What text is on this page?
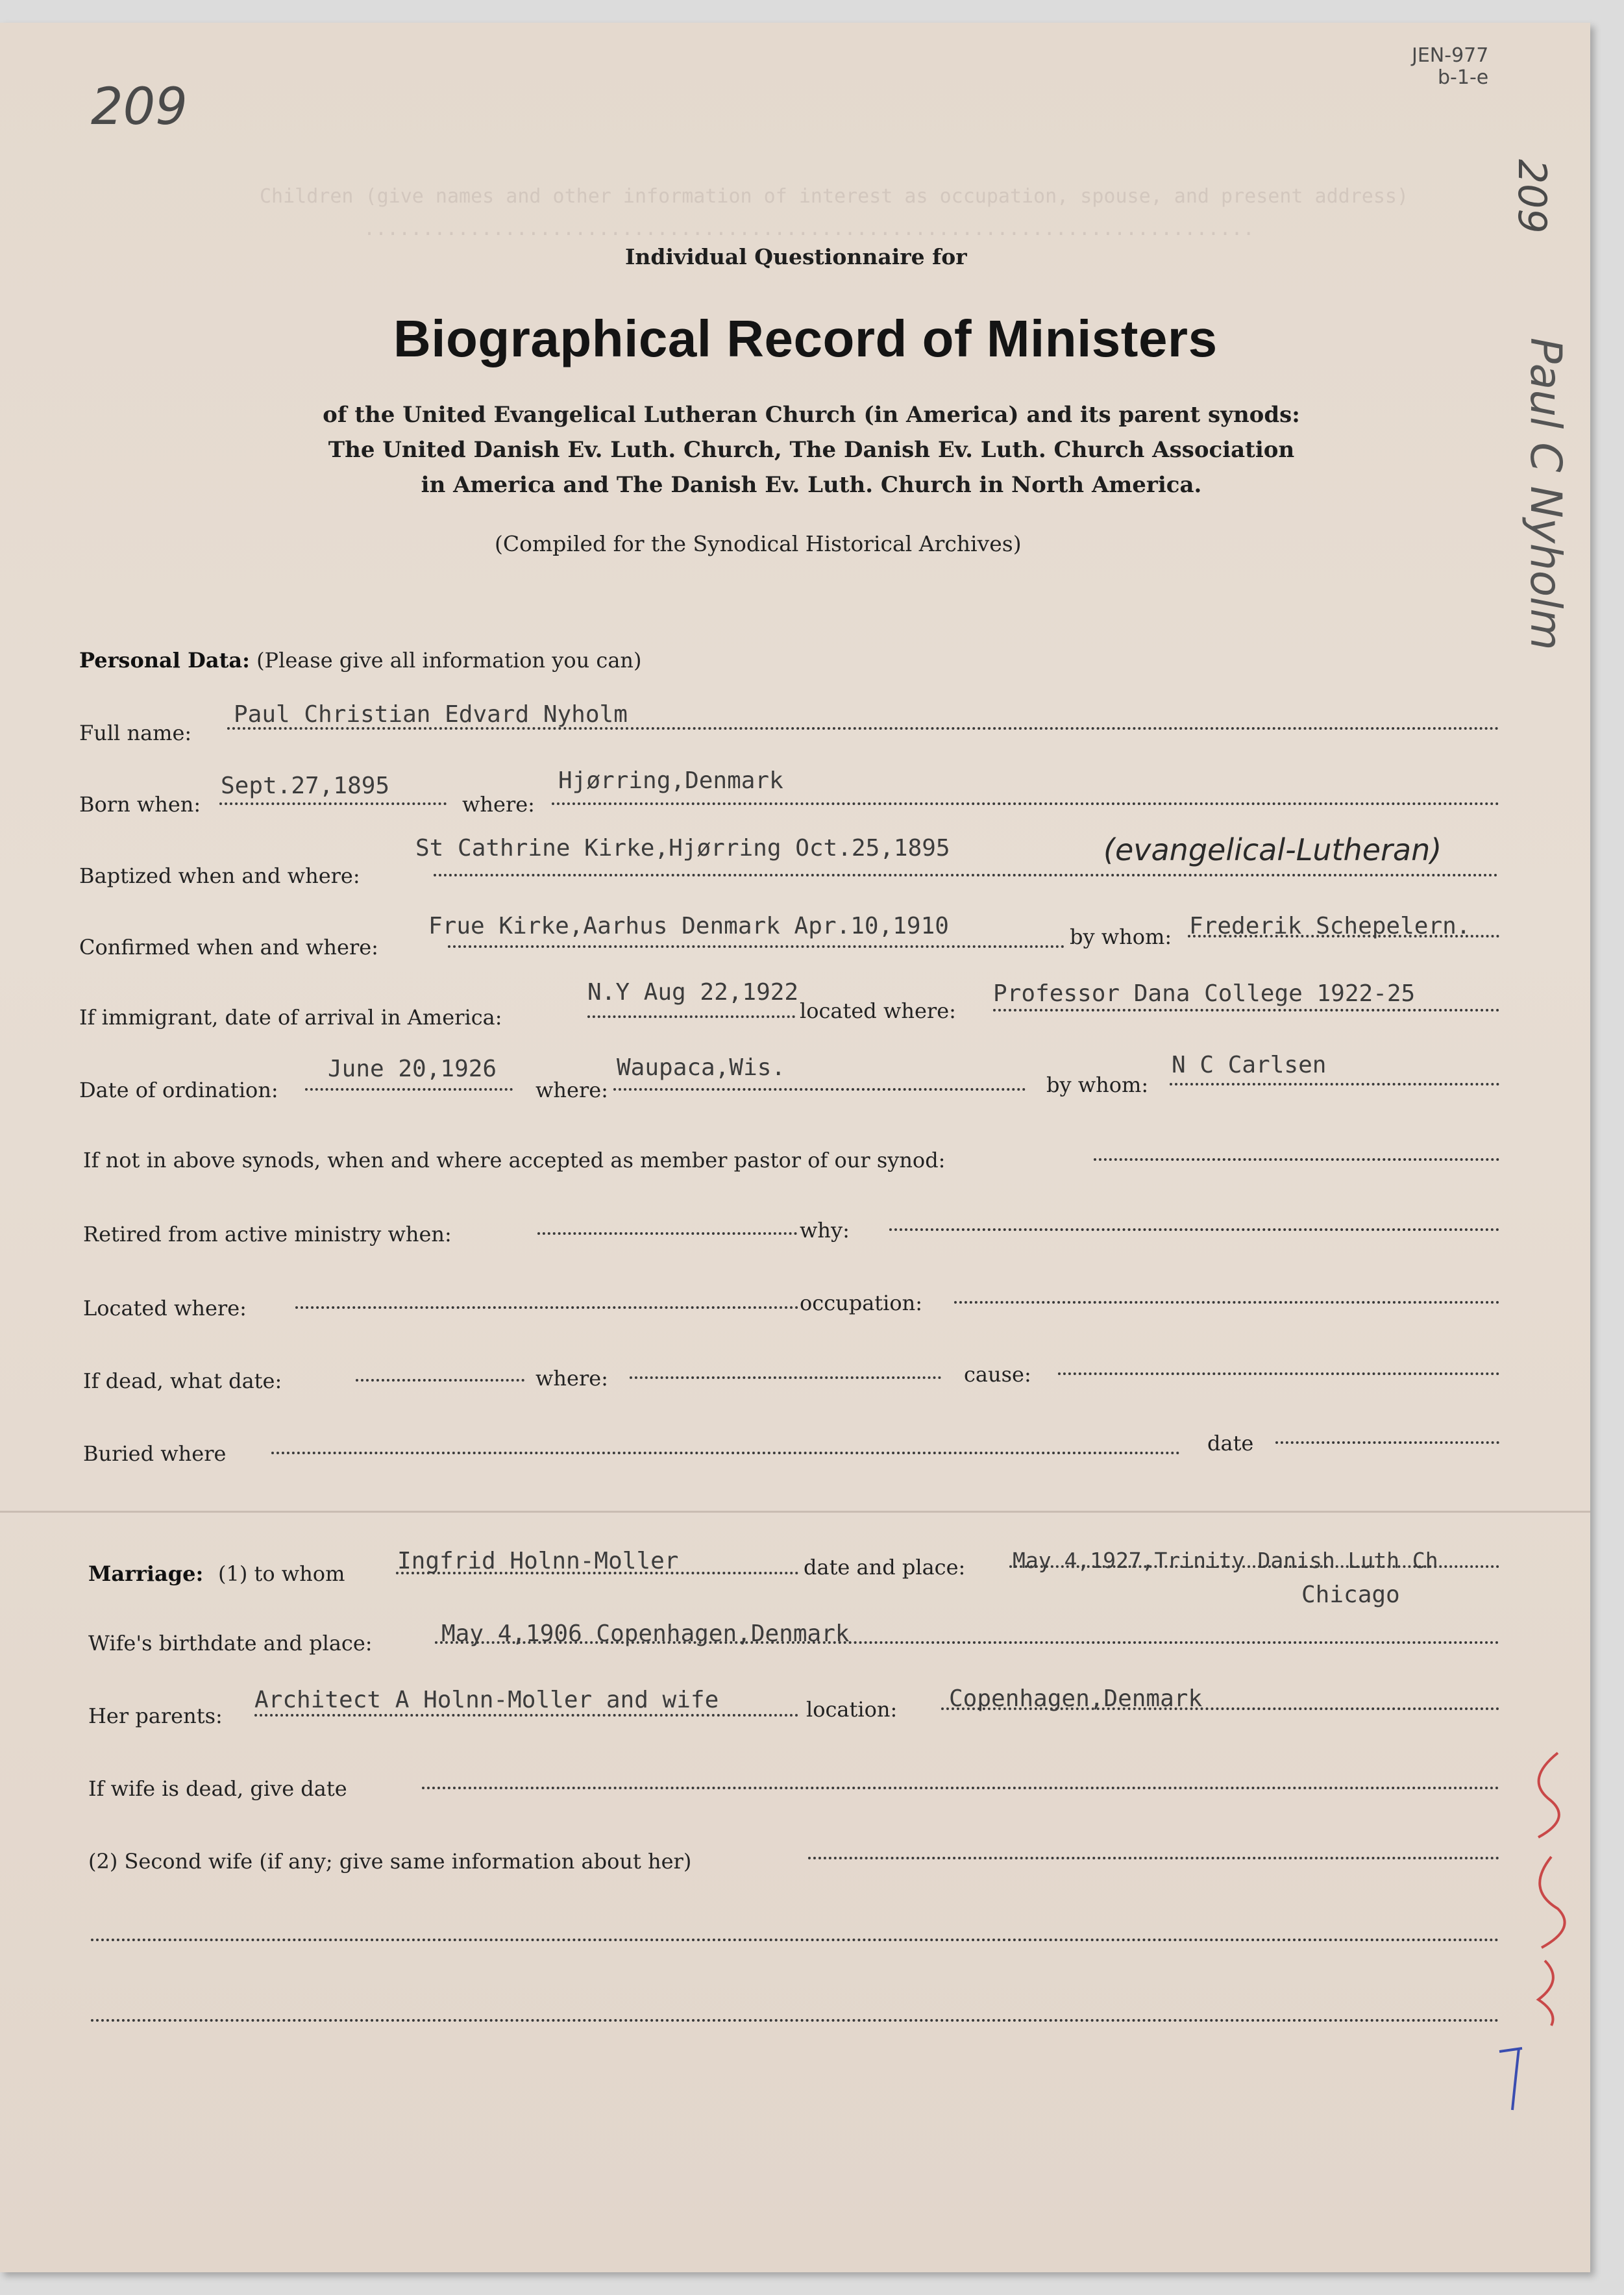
Children (give names and other information of interest as occupation, spouse, and present address)
............................................................................
209
JEN-977
b-1-e
209
Paul C Nyholm
Individual Questionnaire for
Biographical Record of Ministers
of the United Evangelical Lutheran Church (in America) and its parent synods:
The United Danish Ev. Luth. Church, The Danish Ev. Luth. Church Association
in America and The Danish Ev. Luth. Church in North America.
(Compiled for the Synodical Historical Archives)
Personal Data: (Please give all information you can)
Full name:
Paul Christian Edvard Nyholm
Born when:
Sept.27,1895
where:
Hjørring,Denmark
Baptized when and where:
St Cathrine Kirke,Hjørring Oct.25,1895	(evangelical-Lutheran)
Confirmed when and where:
Frue Kirke,Aarhus Denmark Apr.10,1910	by whom: Frederik Schepelern.
If immigrant, date of arrival in America:
N.Y Aug 22,1922
located where:
Professor Dana College 1922-25
Date of ordination:
June 20,1926
where:
Waupaca,Wis.
by whom:
N C Carlsen
If not in above synods, when and where accepted as member pastor of our synod:
Retired from active ministry when:	why:
Located where:	occupation:
If dead, what date:	where:	cause:
Buried where	date
Marriage: (1) to whom Ingfrid Holnn-Moller	date and place: May 4,1927,Trinity Danish Luth Ch
Chicago
Wife's birthdate and place:	May 4,1906 Copenhagen,Denmark
Her parents:
Architect A Holnn-Moller and wife	location: Copenhagen,Denmark
If wife is dead, give date
(2) Second wife (if any; give same information about her)
